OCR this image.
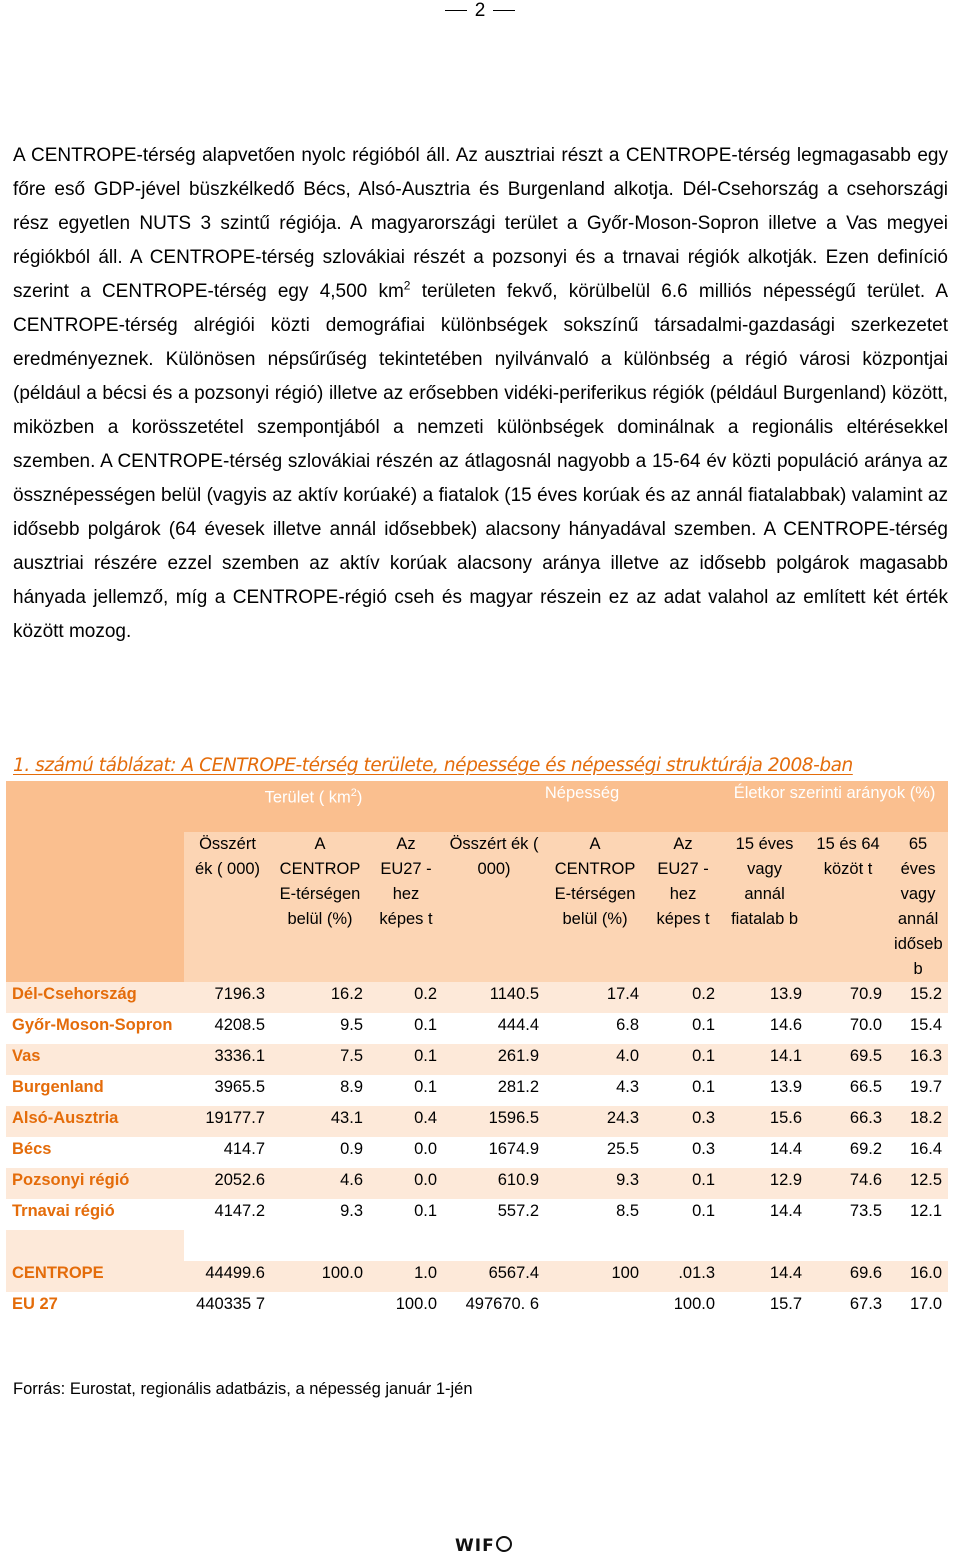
2

A CENTROPE-térség alapvetően nyolc régióból áll. Az ausztriai részt a CENTROPE-térség legmagasabb egy főre eső GDP-jével büszkélkedő Bécs, Alsó-Ausztria és Burgenland alkotja. Dél-Csehország a csehországi rész egyetlen NUTS 3 szintű régiója. A magyarországi terület a Győr-Moson-Sopron illetve a Vas megyei régiókból áll. A CENTROPE-térség szlovákiai részét a pozsonyi és a trnavai régiók alkotják. Ezen definíció szerint a CENTROPE-térség egy 4,500 $km^2$ területen fekvő, körülbelül 6.6 milliós népességű terület. A CENTROPE-térség alrégiói közti demográfiai különbségek sokszínű társadalmi-gazdasági szerkezetet eredményeznek. Különösen népsűrűség tekintetében nyilvánvaló a különbség a régió városi központjai (például a bécsi és a pozsonyi régió) illetve az erősebben vidéki-periferikus régiók (például Burgenland) között, miközben a korösszetétel szempontjából a nemzeti különbségek dominálnak a regionális eltérésekkel szemben. A CENTROPE-térség szlovákiai részén az átlagosnál nagyobb a 15-64 év közti populáció aránya az össznépességen belül (vagyis az aktív korúaké) a fiatalok (15 éves korúak és az annál fiatalabbak) valamint az idősebb polgárok (64 évesek illetve annál idősebbek) alacsony hányadával szemben. A CENTROPE-térség ausztriai részére ezzel szemben az aktív korúak alacsony aránya illetve az idősebb polgárok magasabb hányada jellemző, míg a CENTROPE-régió cseh és magyar részein ez az adat valahol az említett két érték között mozog.

1. számú táblázat: A CENTROPE-térség területe, népessége és népességi struktúrája 2008-ban
	Terület ( $km^2$)			Népesség			Életkor szerinti arányok (%)		
	Összért ék ( 000)	A CENTROP E-térségen belül (%)	Az EU27 -hez képes t	Összért ék ( 000)	A CENTROP E-térségen belül (%)	Az EU27 -hez képes t	15 éves vagy annál fiatalab b	15 és 64 közöt t	65 éves vagy annál időseb b
Dél-Csehország	7196.3	16.2	0.2	1140.5	17.4	0.2	13.9	70.9	15.2
Győr-Moson-Sopron	4208.5	9.5	0.1	444.4	6.8	0.1	14.6	70.0	15.4
Vas	3336.1	7.5	0.1	261.9	4.0	0.1	14.1	69.5	16.3
Burgenland	3965.5	8.9	0.1	281.2	4.3	0.1	13.9	66.5	19.7
Alsó-Ausztria	19177.7	43.1	0.4	1596.5	24.3	0.3	15.6	66.3	18.2
Bécs	414.7	0.9	0.0	1674.9	25.5	0.3	14.4	69.2	16.4
Pozsonyi régió	2052.6	4.6	0.0	610.9	9.3	0.1	12.9	74.6	12.5
Trnavai régió	4147.2	9.3	0.1	557.2	8.5	0.1	14.4	73.5	12.1

CENTROPE	44499.6	100.0	1.0	6567.4	100	.01.3	14.4	69.6	16.0
EU 27	440335 7		100.0	497670. 6		100.0	15.7	67.3	17.0
Forrás: Eurostat, regionális adatbázis, a népesség január 1-jén
WIF
